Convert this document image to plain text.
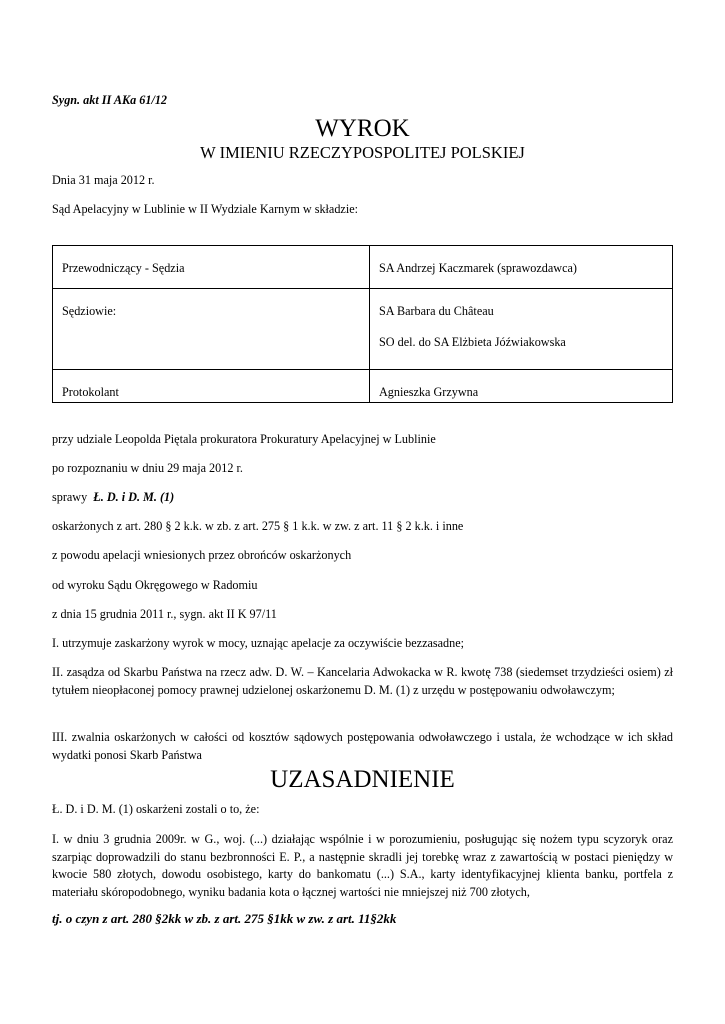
Sygn. akt II AKa 61/12
WYROK
W IMIENIU RZECZYPOSPOLITEJ POLSKIEJ
Dnia 31 maja 2012 r.
Sąd Apelacyjny w Lublinie w II Wydziale Karnym w składzie:
Przewodniczący - Sędzia	SA Andrzej Kaczmarek (sprawozdawca)
Sędziowie:	SA Barbara du Château
SO del. do SA Elżbieta Jóźwiakowska

Protokolant	Agnieszka Grzywna
przy udziale Leopolda Piętala prokuratora Prokuratury Apelacyjnej w Lublinie
po rozpoznaniu w dniu 29 maja 2012 r.
sprawy Ł. D. i D. M. (1)
oskarżonych z art. 280 § 2 k.k. w zb. z art. 275 § 1 k.k. w zw. z art. 11 § 2 k.k. i inne
z powodu apelacji wniesionych przez obrońców oskarżonych
od wyroku Sądu Okręgowego w Radomiu
z dnia 15 grudnia 2011 r., sygn. akt II K 97/11
I. utrzymuje zaskarżony wyrok w mocy, uznając apelacje za oczywiście bezzasadne;
II. zasądza od Skarbu Państwa na rzecz adw. D. W. – Kancelaria Adwokacka w R. kwotę 738 (siedemset trzydzieści osiem) zł tytułem nieopłaconej pomocy prawnej udzielonej oskarżonemu D. M. (1) z urzędu w postępowaniu odwoławczym;
III. zwalnia oskarżonych w całości od kosztów sądowych postępowania odwoławczego i ustala, że wchodzące w ich skład wydatki ponosi Skarb Państwa
UZASADNIENIE
Ł. D. i D. M. (1) oskarżeni zostali o to, że:
I. w dniu 3 grudnia 2009r. w G., woj. (...) działając wspólnie i w porozumieniu, posługując się nożem typu scyzoryk oraz szarpiąc doprowadzili do stanu bezbronności E. P., a następnie skradli jej torebkę wraz z zawartością w postaci pieniędzy w kwocie 580 złotych, dowodu osobistego, karty do bankomatu (...) S.A., karty identyfikacyjnej klienta banku, portfela z materiału skóropodobnego, wyniku badania kota o łącznej wartości nie mniejszej niż 700 złotych,
tj. o czyn z art. 280 §2kk w zb. z art. 275 §1kk w zw. z art. 11§2kk
